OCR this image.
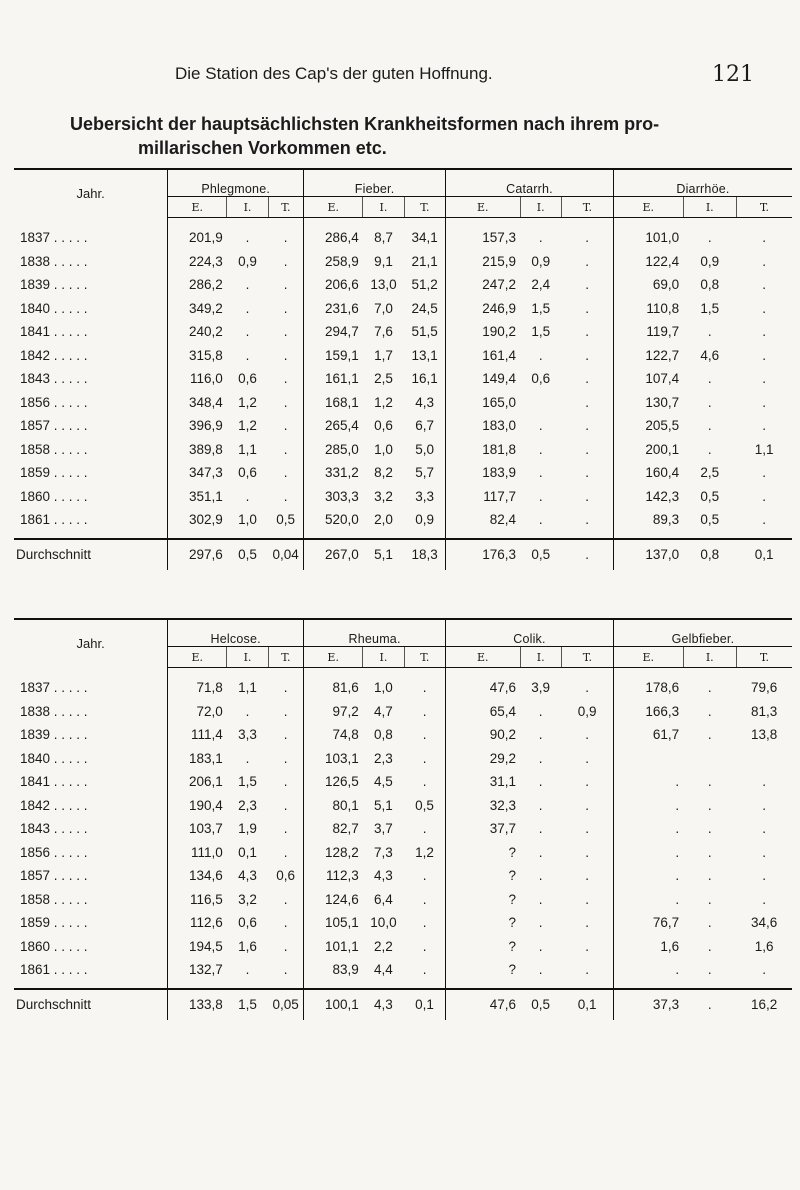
Die Station des Cap's der guten Hoffnung.	121
Uebersicht der hauptsächlichsten Krankheitsformen nach ihrem pro-
millarischen Vorkommen etc.
Jahr.	Phlegmone.			Fieber.			Catarrh.			Diarrhöe.		
	E.	I.	T.	E.	I.	T.	E.	I.	T.	E.	I.	T.
1837 . . . . .	201,9	.	.	286,4	8,7	34,1	157,3	.	.	101,0	.	.
1838 . . . . .	224,3	0,9	.	258,9	9,1	21,1	215,9	0,9	.	122,4	0,9	.
1839 . . . . .	286,2	.	.	206,6	13,0	51,2	247,2	2,4	.	69,0	0,8	.
1840 . . . . .	349,2	.	.	231,6	7,0	24,5	246,9	1,5	.	110,8	1,5	.
1841 . . . . .	240,2	.	.	294,7	7,6	51,5	190,2	1,5	.	119,7	.	.
1842 . . . . .	315,8	.	.	159,1	1,7	13,1	161,4	.	.	122,7	4,6	.
1843 . . . . .	116,0	0,6	.	161,1	2,5	16,1	149,4	0,6	.	107,4	.	.
1856 . . . . .	348,4	1,2	.	168,1	1,2	4,3	165,0		.	130,7	.	.
1857 . . . . .	396,9	1,2	.	265,4	0,6	6,7	183,0	.	.	205,5	.	.
1858 . . . . .	389,8	1,1	.	285,0	1,0	5,0	181,8	.	.	200,1	.	1,1
1859 . . . . .	347,3	0,6	.	331,2	8,2	5,7	183,9	.	.	160,4	2,5	.
1860 . . . . .	351,1	.	.	303,3	3,2	3,3	117,7	.	.	142,3	0,5	.
1861 . . . . .	302,9	1,0	0,5	520,0	2,0	0,9	82,4	.	.	89,3	0,5	.

Durchschnitt	297,6	0,5	0,04	267,0	5,1	18,3	176,3	0,5	.	137,0	0,8	0,1
Jahr.	Helcose.			Rheuma.			Colik.			Gelbfieber.		
	E.	I.	T.	E.	I.	T.	E.	I.	T.	E.	I.	T.
1837 . . . . .	71,8	1,1	.	81,6	1,0	.	47,6	3,9	.	178,6	.	79,6
1838 . . . . .	72,0	.	.	97,2	4,7	.	65,4	.	0,9	166,3	.	81,3
1839 . . . . .	111,4	3,3	.	74,8	0,8	.	90,2	.	.	61,7	.	13,8
1840 . . . . .	183,1	.	.	103,1	2,3	.	29,2	.	.			
1841 . . . . .	206,1	1,5	.	126,5	4,5	.	31,1	.	.	.	.	.
1842 . . . . .	190,4	2,3	.	80,1	5,1	0,5	32,3	.	.	.	.	.
1843 . . . . .	103,7	1,9	.	82,7	3,7	.	37,7	.	.	.	.	.
1856 . . . . .	111,0	0,1	.	128,2	7,3	1,2	?	.	.	.	.	.
1857 . . . . .	134,6	4,3	0,6	112,3	4,3	.	?	.	.	.	.	.
1858 . . . . .	116,5	3,2	.	124,6	6,4	.	?	.	.	.	.	.
1859 . . . . .	112,6	0,6	.	105,1	10,0	.	?	.	.	76,7	.	34,6
1860 . . . . .	194,5	1,6	.	101,1	2,2	.	?	.	.	1,6	.	1,6
1861 . . . . .	132,7	.	.	83,9	4,4	.	?	.	.	.	.	.

Durchschnitt	133,8	1,5	0,05	100,1	4,3	0,1	47,6	0,5	0,1	37,3	.	16,2
